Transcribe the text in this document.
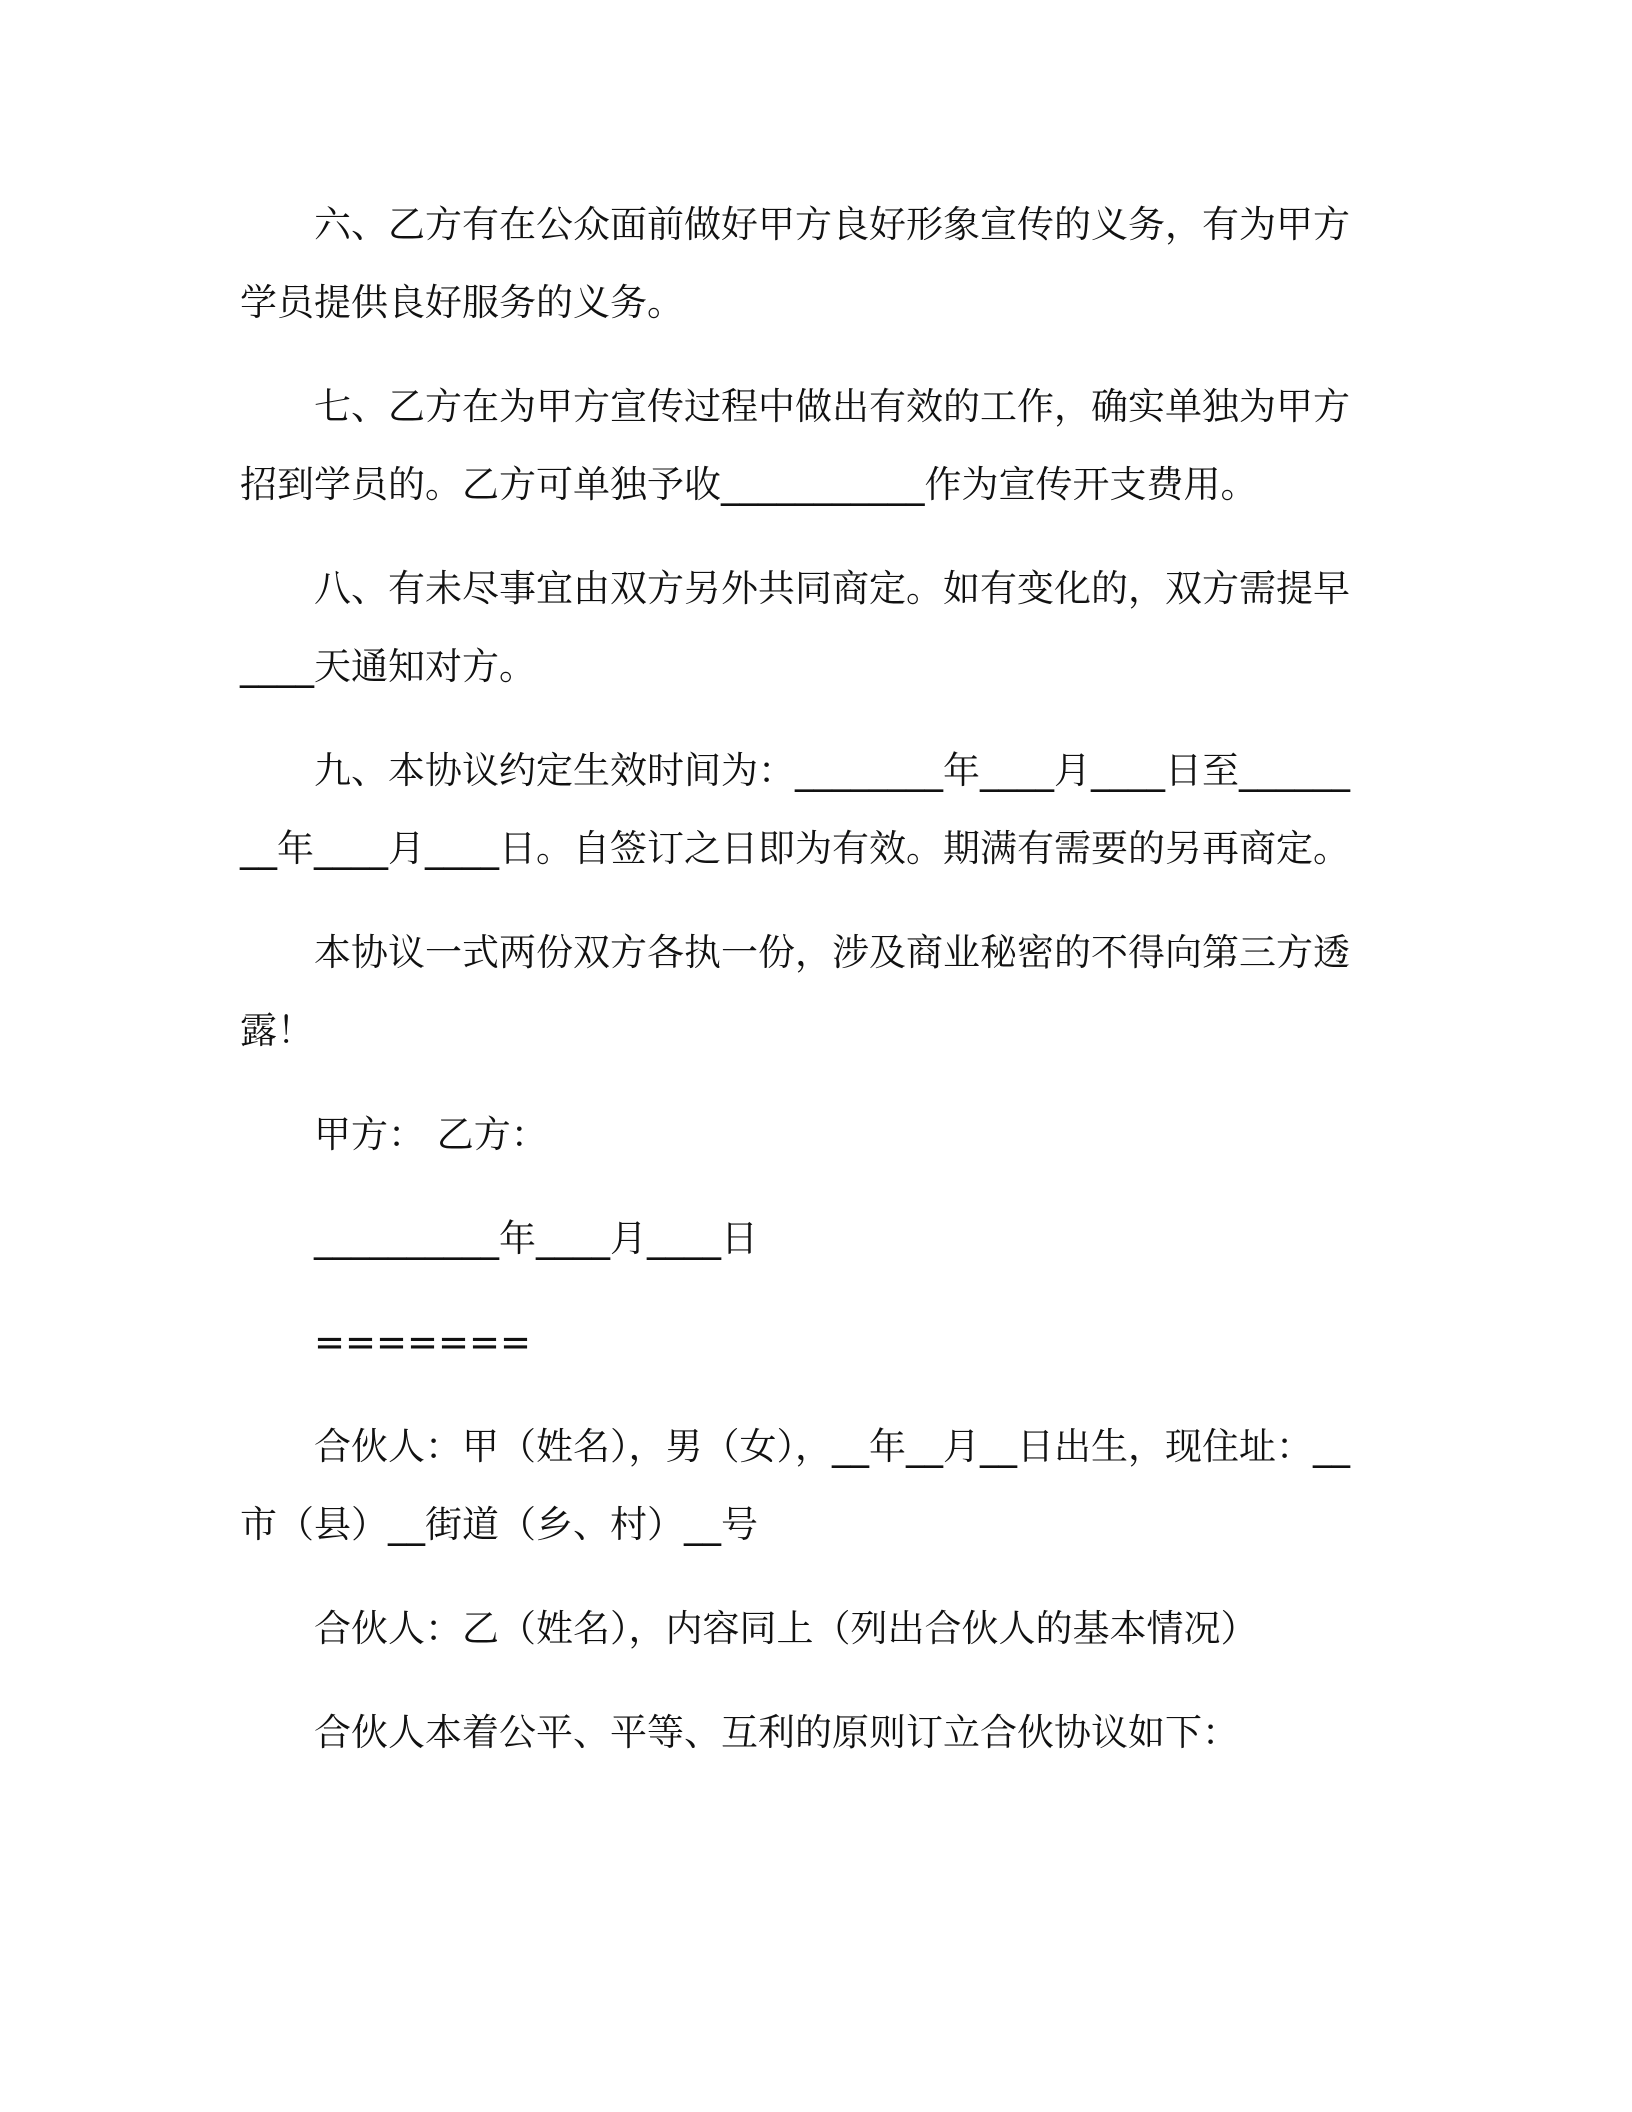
六、乙方有在公众面前做好甲方良好形象宣传的义务，有为甲方学员提供良好服务的义务。

七、乙方在为甲方宣传过程中做出有效的工作，确实单独为甲方招到学员的。乙方可单独予收___________作为宣传开支费用。

八、有未尽事宜由双方另外共同商定。如有变化的，双方需提早____天通知对方。

九、本协议约定生效时间为：________年____月____日至________年____月____日。自签订之日即为有效。期满有需要的另再商定。

本协议一式两份双方各执一份，涉及商业秘密的不得向第三方透露！

甲方： 乙方：

__________年____月____日

=======

合伙人：甲（姓名），男（女），__年__月__日出生，现住址：__市（县）__街道（乡、村）__号

合伙人：乙（姓名），内容同上（列出合伙人的基本情况）

合伙人本着公平、平等、互利的原则订立合伙协议如下：
